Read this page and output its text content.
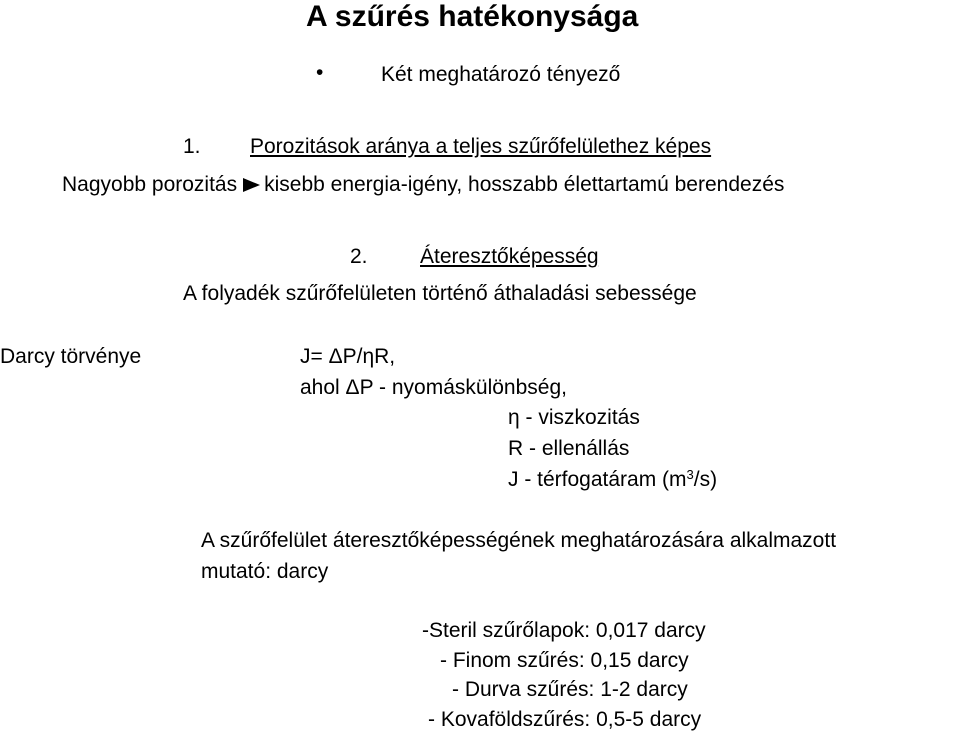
A szűrés hatékonysága
•	Két meghatározó tényező
1. Porozitások aránya a teljes szűrőfelülethez képes
Nagyobb porozitás kisebb energia-igény, hosszabb élettartamú berendezés
2. Áteresztőképesség
A folyadék szűrőfelületen történő áthaladási sebessége
Darcy törvénye	J= ΔP/ηR,
ahol ΔP - nyomáskülönbség,
η - viszkozitás
R - ellenállás
J - térfogatáram $(m^3/s)$
A szűrőfelület áteresztőképességének meghatározására alkalmazott
mutató: darcy
-Steril szűrőlapok: 0,017 darcy
- Finom szűrés: 0,15 darcy
- Durva szűrés: 1-2 darcy
- Kovaföldszűrés: 0,5-5 darcy
